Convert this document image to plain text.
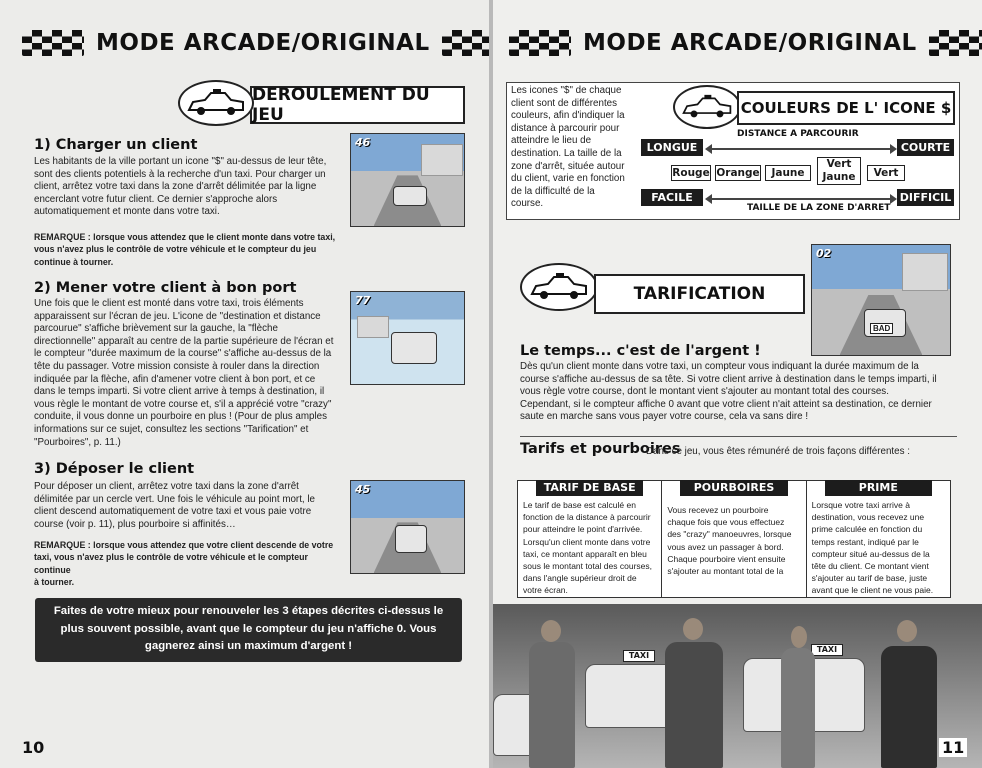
MODE ARCADE/ORIGINAL
DEROULEMENT DU JEU
1) Charger un client
Les habitants de la ville portant un icone "$" au-dessus de leur tête,
sont des clients potentiels à la recherche d'un taxi. Pour charger un
client, arrêtez votre taxi dans la zone d'arrêt délimitée par la ligne
encerclant votre futur client. Ce dernier s'approche alors
automatiquement et monte dans votre taxi.
REMARQUE : lorsque vous attendez que le client monte dans votre taxi,
vous n'avez plus le contrôle de votre véhicule et le compteur du jeu
continue à tourner.
46
2) Mener votre client à bon port
Une fois que le client est monté dans votre taxi, trois éléments
apparaissent sur l'écran de jeu. L'icone de "destination et distance
parcourue" s'affiche brièvement sur la gauche, la "flèche
directionnelle" apparaît au centre de la partie supérieure de l'écran et
le compteur "durée maximum de la course" s'affiche au-dessus de la
tête du passager. Votre mission consiste à rouler dans la direction
indiquée par la flèche, afin d'amener votre client à bon port, et ce
dans le temps imparti. Si votre client arrive à temps à destination, il
vous règle le montant de votre course et, s'il a apprécié votre "crazy"
conduite, il vous donne un pourboire en plus ! (Pour de plus amples
informations sur ce sujet, consultez les sections "Tarification" et
"Pourboires", p. 11.)
77
3) Déposer le client
Pour déposer un client, arrêtez votre taxi dans la zone d'arrêt
délimitée par un cercle vert. Une fois le véhicule au point mort, le
client descend automatiquement de votre taxi et vous paie votre
course (voir p. 11), plus pourboire si affinités…
REMARQUE : lorsque vous attendez que votre client descende de votre
taxi, vous n'avez plus le contrôle de votre véhicule et le compteur continue
à tourner.
45
Faites de votre mieux pour renouveler les 3 étapes décrites ci-dessus le
plus souvent possible, avant que le compteur du jeu n'affiche 0. Vous
gagnerez ainsi un maximum d'argent !
10
MODE ARCADE/ORIGINAL
Les icones "$" de chaque
client sont de différentes
couleurs, afin d'indiquer la
distance à parcourir pour
atteindre le lieu de
destination. La taille de la
zone d'arrêt, située autour
du client, varie en fonction
de la difficulté de la
course.
COULEURS DE L' ICONE $
DISTANCE A PARCOURIR
LONGUE	COURTE
Rouge Orange	Jaune
Vert
Jaune	Vert
FACILE	DIFFICIL
TAILLE DE LA ZONE D'ARRET
TARIFICATION
02
BAD
Le temps... c'est de l'argent !
Dès qu'un client monte dans votre taxi, un compteur vous indiquant la durée maximum de la
course s'affiche au-dessus de sa tête. Si votre client arrive à destination dans le temps imparti, il
vous règle votre course, dont le montant vient s'ajouter au montant total des courses.
Cependant, si le compteur affiche 0 avant que votre client n'ait atteint sa destination, ce dernier
saute en marche sans vous payer votre course, cela va sans dire !
Tarifs et pourboires
Dans ce jeu, vous êtes rémunéré de trois façons différentes :
TARIF DE BASE
Le tarif de base est calculé en
fonction de la distance à parcourir
pour atteindre le point d'arrivée.
Lorsqu'un client monte dans votre
taxi, ce montant apparaît en bleu
sous le montant total des courses,
dans l'angle supérieur droit de
votre écran.
POURBOIRES
Vous recevez un pourboire
chaque fois que vous effectuez
des "crazy" manoeuvres, lorsque
vous avez un passager à bord.
Chaque pourboire vient ensuite
s'ajouter au montant total de la
PRIME
Lorsque votre taxi arrive à
destination, vous recevez une
prime calculée en fonction du
temps restant, indiqué par le
compteur situé au-dessus de la
tête du client. Ce montant vient
s'ajouter au tarif de base, juste
avant que le client ne vous paie.
TAXI
TAXI
11
